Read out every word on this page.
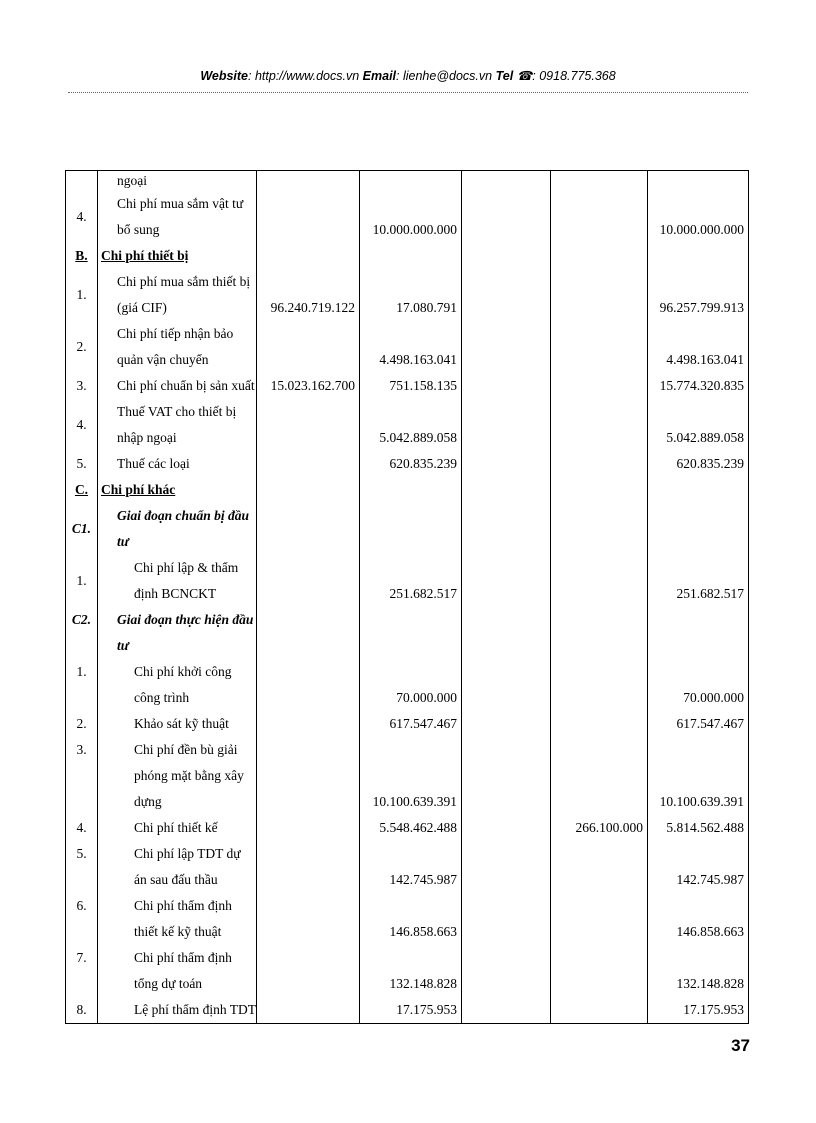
Website: http://www.docs.vn Email: lienhe@docs.vn Tel ☎: 0918.775.368
	ngoại					
4.	Chi phí mua sắm vật tư bổ sung		10.000.000.000			10.000.000.000
B.	Chi phí thiết bị					
1.	Chi phí mua sắm thiết bị (giá CIF)	96.240.719.122	17.080.791			96.257.799.913
2.	Chi phí tiếp nhận bảo quản vận chuyển		4.498.163.041			4.498.163.041
3.	Chi phí chuẩn bị sản xuất	15.023.162.700	751.158.135			15.774.320.835
4.	Thuế VAT cho thiết bị nhập ngoại		5.042.889.058			5.042.889.058
5.	Thuế các loại		620.835.239			620.835.239
C.	Chi phí khác					
C1.	Giai đoạn chuẩn bị đầu tư					
1.	Chi phí lập & thẩm định BCNCKT		251.682.517			251.682.517
C2.	Giai đoạn thực hiện đầu tư					
1.	Chi phí khởi công công trình		70.000.000			70.000.000
2.	Khảo sát kỹ thuật		617.547.467			617.547.467
3.	Chi phí đền bù giải phóng mặt bằng xây dựng		10.100.639.391			10.100.639.391
4.	Chi phí thiết kế		5.548.462.488		266.100.000	5.814.562.488
5.	Chi phí lập TDT dự án sau đấu thầu		142.745.987			142.745.987
6.	Chi phí thẩm định thiết kế kỹ thuật		146.858.663			146.858.663
7.	Chi phí thẩm định tổng dự toán		132.148.828			132.148.828
8.	Lệ phí thẩm định TDT		17.175.953			17.175.953
37
